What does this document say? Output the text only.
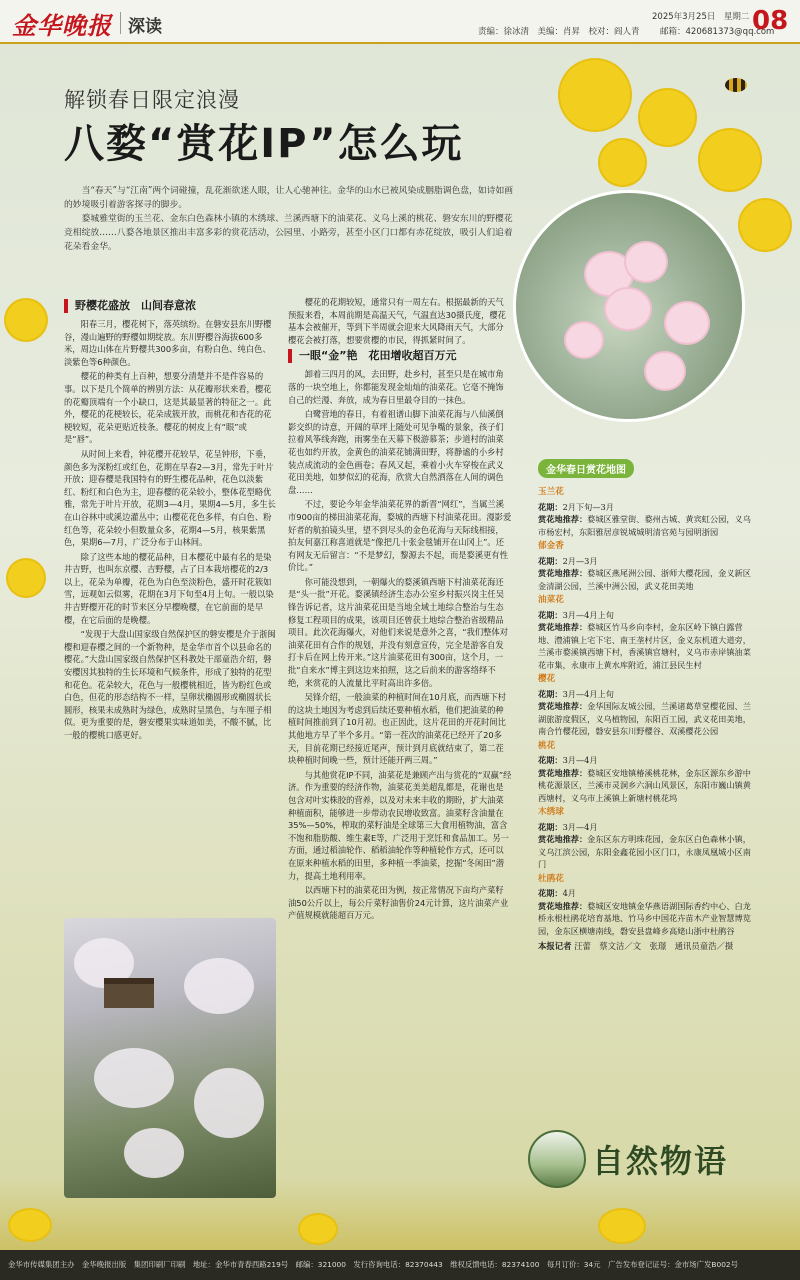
金华晚报 深读	责编：徐冰清　美编：肖昇　校对：阎人青
2025年3月25日　星期二
邮箱：420681373@qq.com
08
解锁春日限定浪漫
八婺“赏花IP”怎么玩

当“春天”与“江南”两个词碰撞，乱花渐欲迷人眼，让人心驰神往。金华的山水已被风染成胭脂调色盘，如诗如画的妙境吸引着游客探寻的脚步。

婺城雅堂街的玉兰花、金东白色森林小镇的木绣球、兰溪西塘下的油菜花、义乌上溪的桃花、磐安东川的野樱花竞相绽放……八婺各地景区推出丰富多彩的赏花活动，公园里、小路旁，甚至小区门口都有赤花绽放，吸引人们追着花朵看金华。

野樱花盛放　山间春意浓

阳春三月，樱花树下，落英缤纷。在磐安县东川野樱谷，漫山遍野的野樱如期绽放。东川野樱谷海拔600多米，周边山体在片野樱共300多亩，有粉白色、纯白色、淡紫色等6种颜色。

樱花的种类有上百种，想要分清楚并不是件容易的事。以下是几个简单的辨别方法：从花瓣形状来看，樱花的花瓣顶端有一个小缺口，这是其最显著的特征之一。此外，樱花的花梗较长，花朵成簇开放，而桃花和杏花的花梗较短，花朵更贴近枝条。樱花的树皮上有“眼”或是“唇”。

从时间上来看，钟花樱开花较早，花呈钟形，下垂，颜色多为深粉红或红色，花期在早春2—3月，常先于叶片开放；迎春樱是我国特有的野生樱花品种，花色以淡紫红、粉红和白色为主，迎春樱的花朵较小，整体花型略优雅，常先于叶片开放，花期3—4月，果期4—5月，多生长在山谷林中或溪边灌丛中；山樱花花色多样，有白色、粉红色等，花朵较小但数量众多，花期4—5月，核果紫黑色，果期6—7月，广泛分布于山林间。

除了这些本地的樱花品种，日本樱花中最有名的是染井吉野，也叫东京樱、吉野樱，占了日本栽培樱花的2/3以上，花朵为单瓣，花色为白色至淡粉色，盛开时花簇如雪，远观如云似雾，花期在3月下旬至4月上旬。一般以染井吉野樱开花的时节来区分早樱晚樱，在它前面的是早樱，在它后面的是晚樱。

“发现于大盘山国家级自然保护区的磐安樱是介于浙闽樱和迎春樱之间的一个新物种，是金华市首个以县命名的樱花。”大盘山国家级自然保护区科教处干部童浩介绍，磐安樱因其独特的生长环境和气候条件，形成了独特的花型和花色。花朵较大，花色与一般樱桃相近，皆为粉红色或白色，但花的形态结构不一样，呈卵状椭圆形或椭圆状长圆形，核果未成熟时为绿色，成熟时呈黑色，与车厘子相似。更为重要的是，磐安樱果实味道如美，不酸不腻，比一般的樱桃口感更好。

樱花的花期较短，通常只有一周左右。根据最新的天气预报来看，本周前期是高温天气，气温直达30摄氏度，樱花基本会被催开，等到下半周就会迎来大风降雨天气，大部分樱花会被打落，想要赏樱的市民，得抓紧时间了。

一眼“金”艳　花田增收超百万元

卸着三四月的风，去田野，赴乡村，甚至只是在城市角落的一块空地上，你都能发现金灿灿的油菜花。它毫不掩饰自己的烂漫、奔放，成为春日里最夺目的一抹色。

白鹭营地的春日，有着祖谱山脚下油菜花海与八仙溪倒影交织的诗意，开阔的草坪上随处可见争嘴的景象，孩子们拉着风筝线奔跑，雨雾坐在天幕下极游慕茶；步道村的油菜花也如约开放，金黄色的油菜花铺满田野，将静谧的小乡村装点成流动的金色画卷；春风又起，乘着小火车穿梭在武义花田美地，如梦似幻的花海，欣赏大自然洒落在人间的调色盘……

不过，要论今年金华油菜花界的新晋“网红”，当属兰溪市900亩的梯田油菜花海，婺城的西塘下村油菜花田。漫影爱好者的航拍镜头里，望不到尽头的金色花海与天际线相接，拍友何嘉江称喜道就是“像把几十张金毯铺开在山冈上”。还有网友无后留言：“不是梦幻，黎源去不起，而是婺溪更有性价比。”

你可能没想到，一朝爆火的婺溪镇西塘下村油菜花海还是“头一批”开花。婺溪镇经济生态办公室乡村振兴岗主任吴锋告诉记者，这片油菜花田是当地全域土地综合整治与生态修复工程项目的成果，该项目还曾获土地综合整治省级精品项目。此次花海爆火，对他们来说是意外之喜，“我们整体对油菜花田有合作的规划，并没有刻意宣传，完全是游客自发打卡后在网上传开来。”这片油菜花田有300亩，这个月，一批“自来水”博主到这边来拍照，这之后前来的游客络绎不绝，来赏花的人流量比平时高出许多倍。

吴锋介绍，一般油菜的种植时间在10月底，而西塘下村的这块土地因为考虑到后续还要种植水稻，他们把油菜的种植时间推前到了10月初。也正因此，这片花田的开花时间比其他地方早了半个多月。“第一茬次的油菜花已经开了20多天，目前花期已经接近尾声，预计到月底就结束了，第二茬块种植时间晚一些，预计还能开两三周。”

与其他赏花IP不同，油菜花是兼顾产出与赏花的“双赢”经济。作为重要的经济作物，油菜花美美超乱都是，花谢也是包含对叶实株胶的营养，以及对未来丰收的期盼，扩大油菜种植面积，能够进一步带动农民增收致富。油菜籽含油量在35%—50%，榨取的菜籽油是全球第三大食用植物油，富含不饱和脂肪酸、维生素E等，广泛用于烹饪和食品加工。另一方面，通过稻油轮作、稻稻油轮作等种植轮作方式，还可以在原来种植水稻的田里，多种植一季油菜，挖掘“冬闲田”潜力，提高土地利用率。

以西塘下村的油菜花田为例，按正常情况下亩均产菜籽油50公斤以上，每公斤菜籽油售价24元计算，这片油菜产业产值规模就能超百万元。

金华春日赏花地图
玉兰花
花期：2月下旬—3月
赏花地推荐：婺城区雅堂街、婺州古城、黄宾虹公园，义乌市杨宏村，东阳雅居彦锐城城明清官苑与园明浙园
郁金香
花期：2月—3月
赏花地推荐：婺城区燕尾洲公园、浙师大樱花园，金义新区金清湖公园，兰溪中洲公园，武义花田美地
油菜花
花期：3月—4月上旬
赏花地推荐：婺城区竹马乡向李村，金东区岭下镇白露营地、澧浦镇上宅下宅、南王垄村片区，金义东机道大道旁，兰溪市婺溪镇西塘下村，香溪镇官塘村，义乌市赤岸镇油菜花市集，永康市上黄水库附近，浦江县民生村
樱花
花期：3月—4月上旬
赏花地推荐：金华国际友城公园，兰溪诸葛草堂樱花园、兰湖旅游度假区，义乌植物园，东阳百工园，武义花田美地，南合竹樱花园，磐安县东川野樱谷、双溪樱花公园
桃花
花期：3月—4月
赏花地推荐：婺城区安地镇椿溪桃花林，金东区源东乡游中桃花源景区，兰溪市灵洞乡六洞山风景区，东阳市巍山镇黄西塘村，义乌市上溪镇上新塘村桃花坞
木绣球
花期：3月—4月
赏花地推荐：金东区东方明珠花园，金东区白色森林小镇，义乌江滨公园，东阳金鑫花园小区门口，永康凤凰城小区南门
杜鹃花
花期：4月
赏花地推荐：婺城区安地镇金华燕语湖国际香约中心、白龙桥永根杜鹃花培育基地、竹马乡中国花卉苗木产业智慧博览园，金东区横塘南线，磐安县盘峰乡高姥山浙中杜鹃谷
本报记者 汪蕾　蔡文洁／文　张璟　通讯员童浩／摄
自然物语
金华市传媒集团主办　金华晚报出版　集团印刷厂印刷　地址：金华市青春西路219号　邮编：321000　发行咨询电话：82370443　维权反馈电话：82374100　每月订价：34元　广告发布登记证号：金市场广发B002号
